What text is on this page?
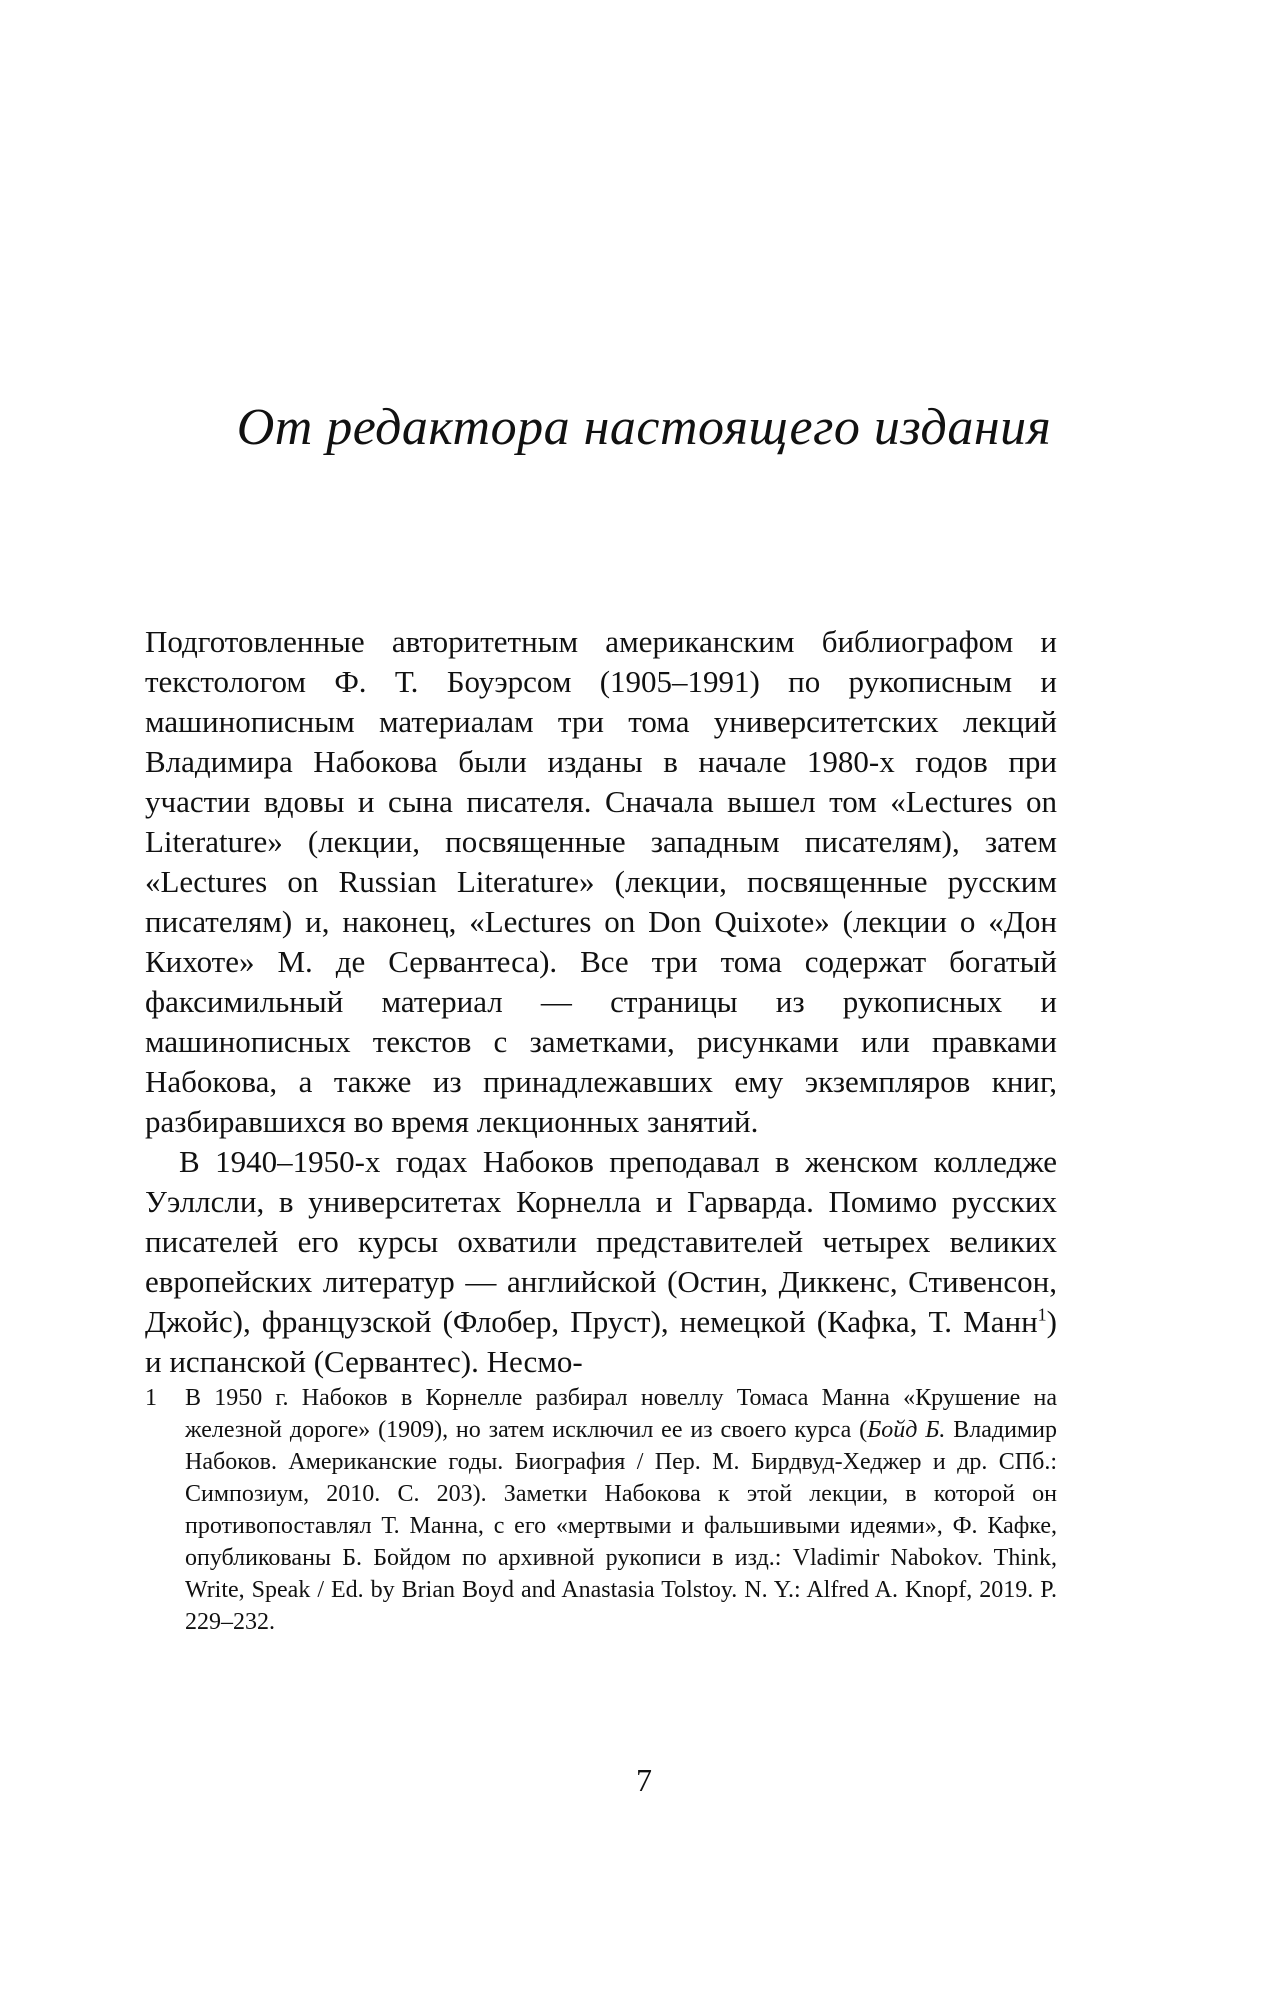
От редактора настоящего издания

Подготовленные авторитетным американским библиографом и текстологом Ф. Т. Боуэрсом (1905–1991) по рукописным и машинописным материалам три тома университетских лекций Владимира Набокова были изданы в начале 1980-х годов при участии вдовы и сына писателя. Сначала вышел том «Lectures on Literature» (лекции, посвященные западным писателям), затем «Lectures on Russian Literature» (лекции, посвященные русским писателям) и, наконец, «Lectures on Don Quixote» (лекции о «Дон Кихоте» М. де Сервантеса). Все три тома содержат богатый факсимильный материал — страницы из рукописных и машинописных текстов с заметками, рисунками или правками Набокова, а также из принадлежавших ему экземпляров книг, разбиравшихся во время лекционных занятий.

В 1940–1950-х годах Набоков преподавал в женском колледже Уэллсли, в университетах Корнелла и Гарварда. Помимо русских писателей его курсы охватили представителей четырех великих европейских литератур — английской (Остин, Диккенс, Стивенсон, Джойс), французской (Флобер, Пруст), немецкой (Кафка, Т. Манн$^1$) и испанской (Сервантес). Несмо-

1	В 1950 г. Набоков в Корнелле разбирал новеллу Томаса Манна «Крушение на железной дороге» (1909), но затем исключил ее из своего курса (Бойд Б. Владимир Набоков. Американские годы. Биография / Пер. М. Бирдвуд-Хеджер и др. СПб.: Симпозиум, 2010. С. 203). Заметки Набокова к этой лекции, в которой он противопоставлял Т. Манна, с его «мертвыми и фальшивыми идеями», Ф. Кафке, опубликованы Б. Бойдом по архивной рукописи в изд.: Vladimir Nabokov. Think, Write, Speak / Ed. by Brian Boyd and Anastasia Tolstoy. N. Y.: Alfred A. Knopf, 2019. P. 229–232.
7
